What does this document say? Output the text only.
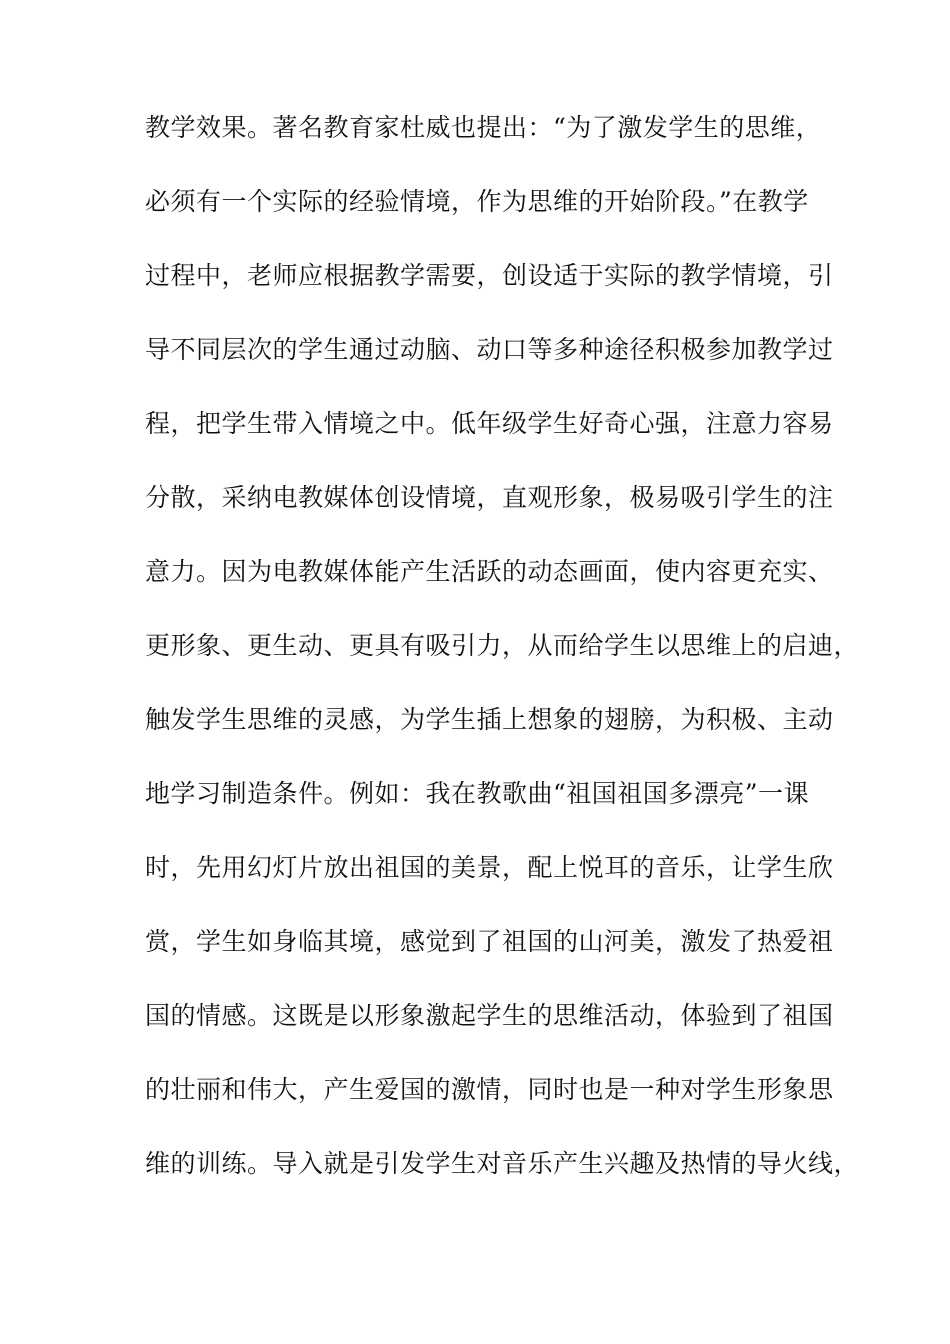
教学效果。著名教育家杜威也提出：“为了激发学生的思维，

必须有一个实际的经验情境，作为思维的开始阶段。”在教学

过程中，老师应根据教学需要，创设适于实际的教学情境，引

导不同层次的学生通过动脑、动口等多种途径积极参加教学过

程，把学生带入情境之中。低年级学生好奇心强，注意力容易

分散，采纳电教媒体创设情境，直观形象，极易吸引学生的注

意力。因为电教媒体能产生活跃的动态画面，使内容更充实、

更形象、更生动、更具有吸引力，从而给学生以思维上的启迪，

触发学生思维的灵感，为学生插上想象的翅膀，为积极、主动

地学习制造条件。例如：我在教歌曲“祖国祖国多漂亮”一课

时，先用幻灯片放出祖国的美景，配上悦耳的音乐，让学生欣

赏，学生如身临其境，感觉到了祖国的山河美，激发了热爱祖

国的情感。这既是以形象激起学生的思维活动，体验到了祖国

的壮丽和伟大，产生爱国的激情，同时也是一种对学生形象思

维的训练。导入就是引发学生对音乐产生兴趣及热情的导火线，
